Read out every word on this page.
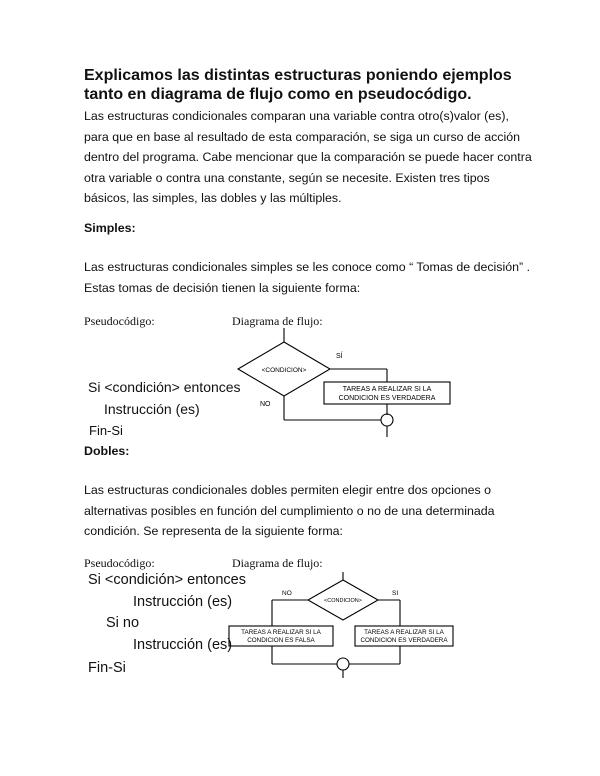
Explicamos las distintas estructuras poniendo ejemplos tanto en diagrama de flujo como en pseudocódigo.
Las estructuras condicionales comparan una variable contra otro(s)valor (es), para que en base al resultado de esta comparación, se siga un curso de acción dentro del programa. Cabe mencionar que la comparación se puede hacer contra otra variable o contra una constante, según se necesite. Existen tres tipos básicos, las simples, las dobles y las múltiples.
Simples:
Las estructuras condicionales simples se les conoce como “ Tomas de decisión” . Estas tomas de decisión tienen la siguiente forma:
Pseudocódigo:	Diagrama de flujo:
Si <condición> entonces
Instrucción (es)
Fin-Si
<CONDICION>
SÍ
NO
TAREAS A REALIZAR SI LA
CONDICION ES VERDADERA
<CONDICION>
NO	SI
TAREAS A REALIZAR SI LA
CONDICION ES FALSA
TAREAS A REALIZAR SI LA
CONDICION ES VERDADERA
Dobles:
Las estructuras condicionales dobles permiten elegir entre dos opciones o alternativas posibles en función del cumplimiento o no de una determinada condición. Se representa de la siguiente forma:
Pseudocódigo:	Diagrama de flujo:
Si <condición> entonces
Instrucción (es)
Si no
Instrucción (es)
Fin-Si
